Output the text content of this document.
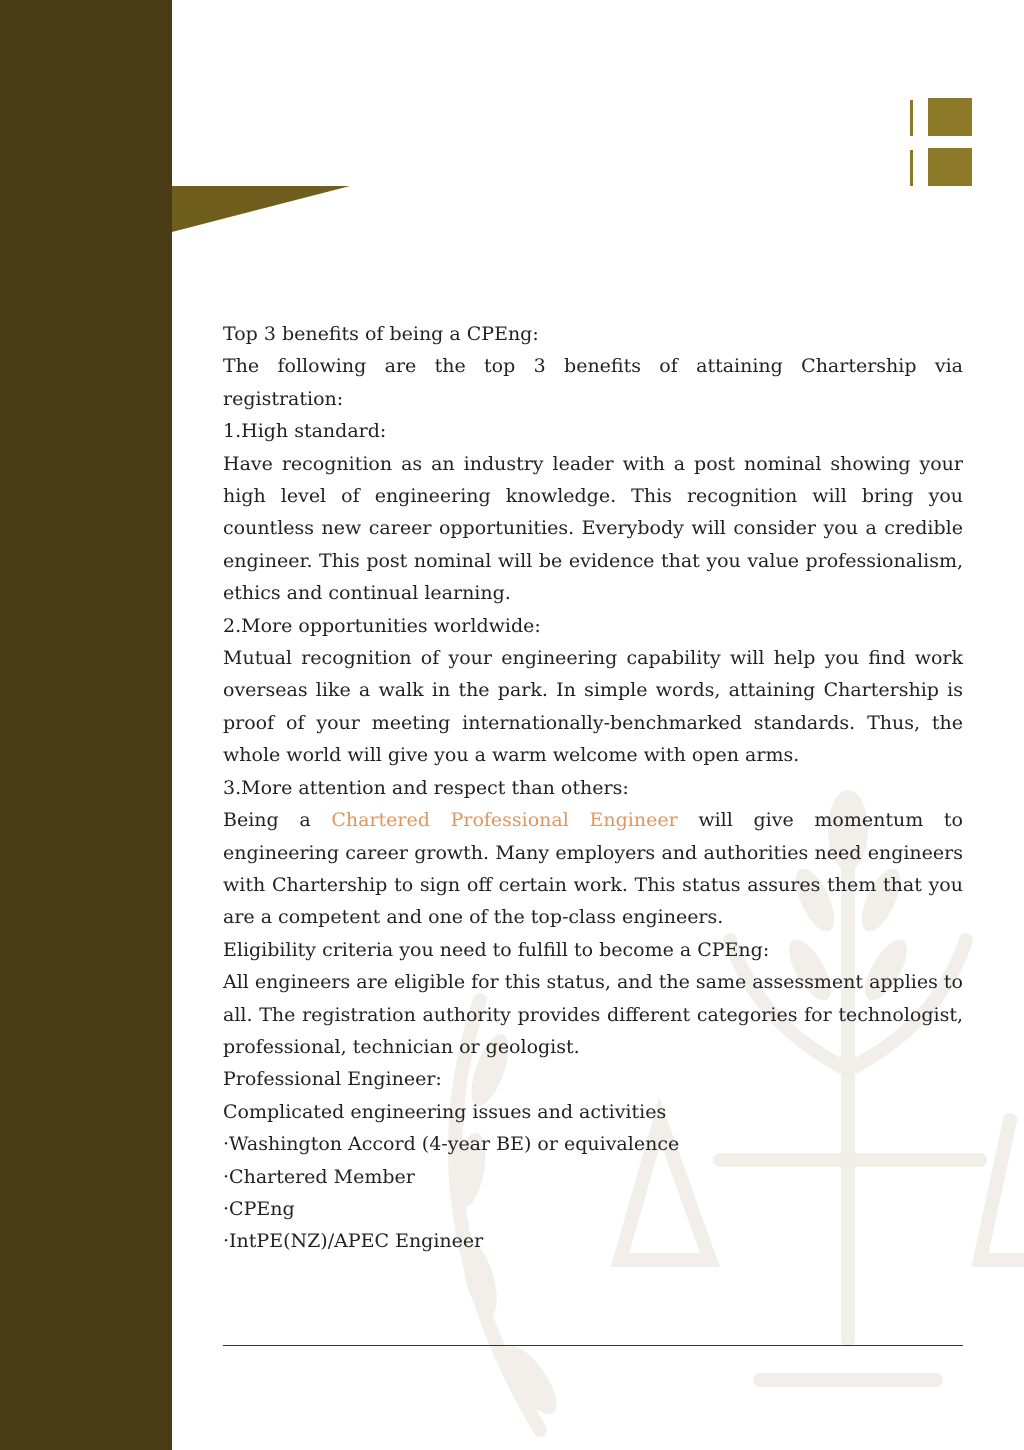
Top 3 benefits of being a CPEng:

The following are the top 3 benefits of attaining Chartership via registration:

1.High standard:

Have recognition as an industry leader with a post nominal showing your high level of engineering knowledge. This recognition will bring you countless new career opportunities. Everybody will consider you a credible engineer. This post nominal will be evidence that you value professionalism, ethics and continual learning.

2.More opportunities worldwide:

Mutual recognition of your engineering capability will help you find work overseas like a walk in the park. In simple words, attaining Chartership is proof of your meeting internationally-benchmarked standards. Thus, the whole world will give you a warm welcome with open arms.

3.More attention and respect than others:

Being a Chartered Professional Engineer will give momentum to engineering career growth. Many employers and authorities need engineers with Chartership to sign off certain work. This status assures them that you are a competent and one of the top-class engineers.

Eligibility criteria you need to fulfill to become a CPEng:

All engineers are eligible for this status, and the same assessment applies to all. The registration authority provides different categories for technologist, professional, technician or geologist.

Professional Engineer:

Complicated engineering issues and activities

·Washington Accord (4-year BE) or equivalence

·Chartered Member

·CPEng

·IntPE(NZ)/APEC Engineer
